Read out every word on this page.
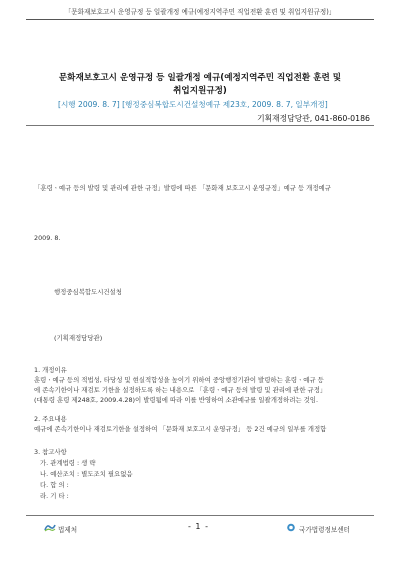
「문화재보호고시 운영규정 등 일괄개정 예규(예정지역주민 직업전환 훈련 및 취업지원규정)」
문화재보호고시 운영규정 등 일괄개정 예규(예정지역주민 직업전환 훈련 및
취업지원규정)
[시행 2009. 8. 7] [행정중심복합도시건설청예규 제23호, 2009. 8. 7, 일부개정]
기획재정담당관, 041-860-0186
「훈령ㆍ예규 등의 발령 및 관리에 관한 규정」발령에 따른 「문화재 보호고시 운영규정」예규 등 개정예규
2009. 8.
행정중심복합도시건설청
(기획재정담당관)
1. 개정이유
훈령ㆍ예규 등의 적법성, 타당성 및 현실적합성을 높이기 위하여 중앙행정기관이 발령하는 훈령ㆍ예규 등
에 존속기한이나 재검토 기한을 설정하도록 하는 내용으로 「훈령ㆍ예규 등의 발령 및 관리에 관한 규정」
(대통령 훈령 제248호, 2009.4.28)이 발령됨에 따라 이를 반영하여 소관예규를 일괄개정하려는 것임.
2. 주요내용
예규에 존속기한이나 재검토기한을 설정하여 「문화재 보호고시 운영규정」 등 2건 예규의 일부를 개정함
3. 참고사항
가. 관계법령 : 생 략
나. 예산조치 : 별도조치 필요없음
다. 합 의 :
라. 기 타 :
법제처	- 1 -	국가법령정보센터
